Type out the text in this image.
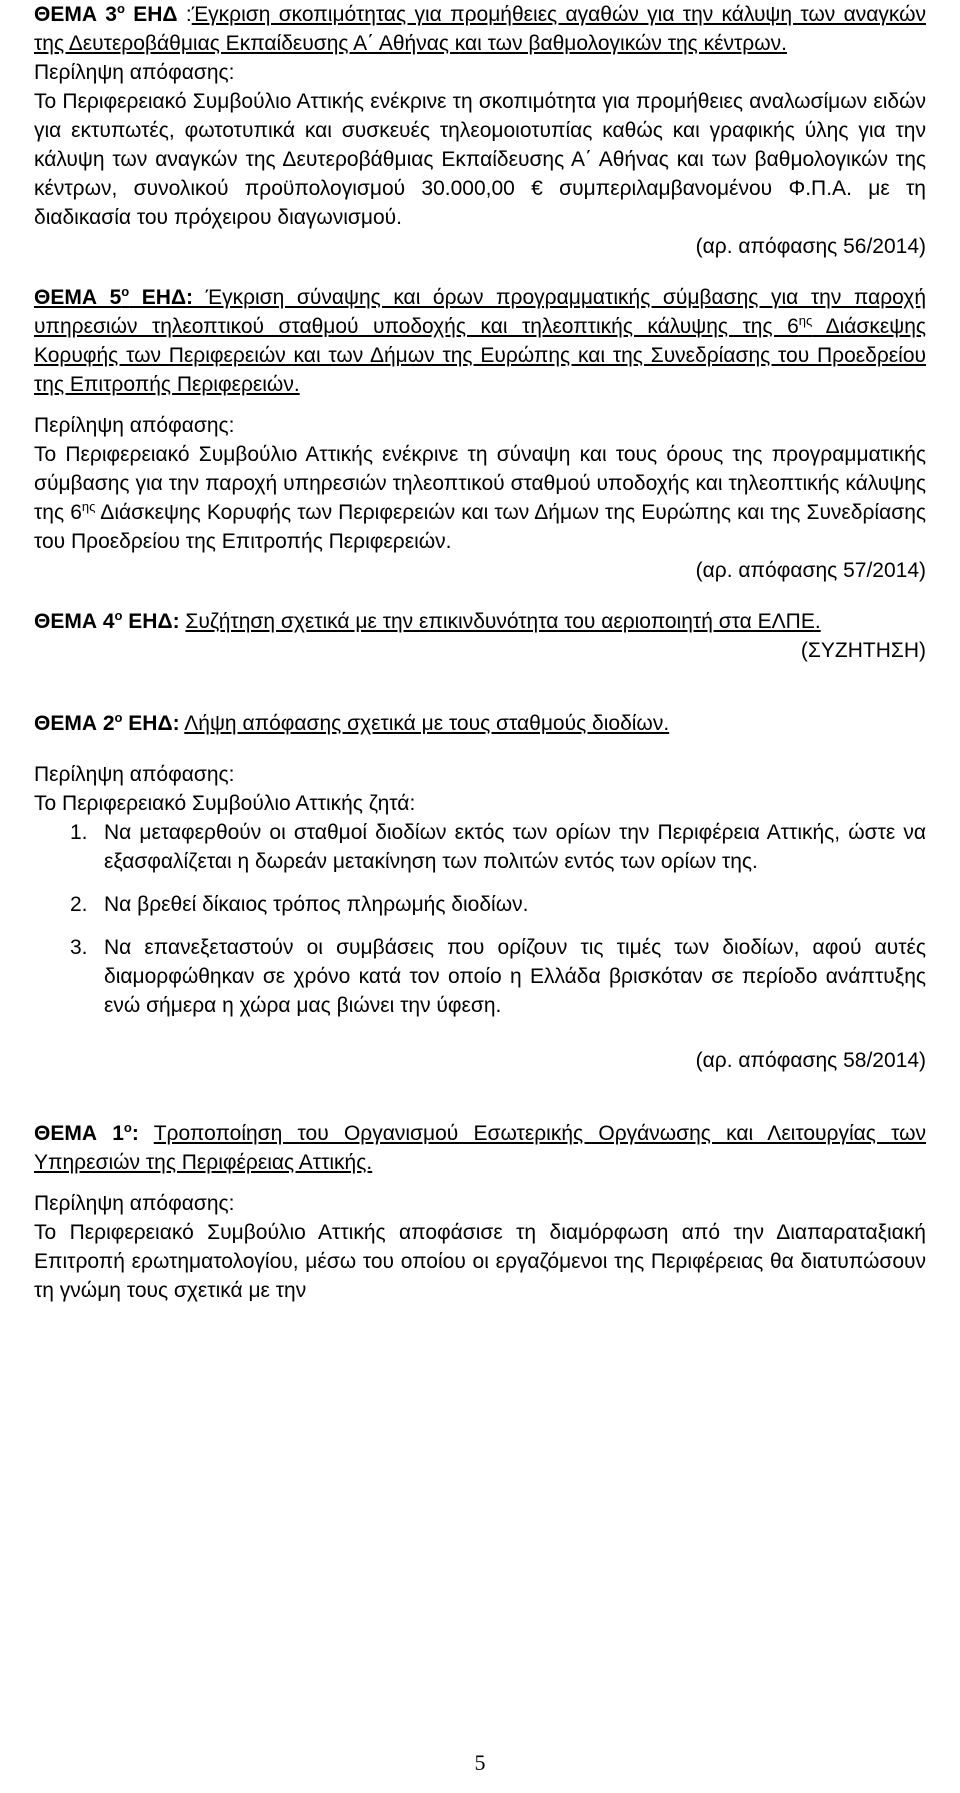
ΘΕΜΑ $3^o$ ΕΗΔ :Έγκριση σκοπιμότητας για προμήθειες αγαθών για την κάλυψη των αναγκών της Δευτεροβάθμιας Εκπαίδευσης Α΄ Αθήνας και των βαθμολογικών της κέντρων.

Περίληψη απόφασης:

Το Περιφερειακό Συμβούλιο Αττικής ενέκρινε τη σκοπιμότητα για προμήθειες αναλωσίμων ειδών για εκτυπωτές, φωτοτυπικά και συσκευές τηλεομοιοτυπίας καθώς και γραφικής ύλης για την κάλυψη των αναγκών της Δευτεροβάθμιας Εκπαίδευσης Α΄ Αθήνας και των βαθμολογικών της κέντρων, συνολικού προϋπολογισμού 30.000,00 € συμπεριλαμβανομένου Φ.Π.Α. με τη διαδικασία του πρόχειρου διαγωνισμού.

(αρ. απόφασης 56/2014)

ΘΕΜΑ $5^o$ ΕΗΔ: Έγκριση σύναψης και όρων προγραμματικής σύμβασης για την παροχή υπηρεσιών τηλεοπτικού σταθμού υποδοχής και τηλεοπτικής κάλυψης της $6^{\eta\varsigma}$ Διάσκεψης Κορυφής των Περιφερειών και των Δήμων της Ευρώπης και της Συνεδρίασης του Προεδρείου της Επιτροπής Περιφερειών.

Περίληψη απόφασης:

Το Περιφερειακό Συμβούλιο Αττικής ενέκρινε τη σύναψη και τους όρους της προγραμματικής σύμβασης για την παροχή υπηρεσιών τηλεοπτικού σταθμού υποδοχής και τηλεοπτικής κάλυψης της $6^{\eta\varsigma}$ Διάσκεψης Κορυφής των Περιφερειών και των Δήμων της Ευρώπης και της Συνεδρίασης του Προεδρείου της Επιτροπής Περιφερειών.

(αρ. απόφασης 57/2014)

ΘΕΜΑ $4^o$ ΕΗΔ: Συζήτηση σχετικά με την επικινδυνότητα του αεριοποιητή στα ΕΛΠΕ.

(ΣΥΖΗΤΗΣΗ)

ΘΕΜΑ $2^o$ ΕΗΔ: Λήψη απόφασης σχετικά με τους σταθμούς διοδίων.

Περίληψη απόφασης:

Το Περιφερειακό Συμβούλιο Αττικής ζητά:

1. Να μεταφερθούν οι σταθμοί διοδίων εκτός των ορίων την Περιφέρεια Αττικής, ώστε να εξασφαλίζεται η δωρεάν μετακίνηση των πολιτών εντός των ορίων της.
2. Να βρεθεί δίκαιος τρόπος πληρωμής διοδίων.
3. Να επανεξεταστούν οι συμβάσεις που ορίζουν τις τιμές των διοδίων, αφού αυτές διαμορφώθηκαν σε χρόνο κατά τον οποίο η Ελλάδα βρισκόταν σε περίοδο ανάπτυξης ενώ σήμερα η χώρα μας βιώνει την ύφεση.

(αρ. απόφασης 58/2014)

ΘΕΜΑ $1^o$: Τροποποίηση του Οργανισμού Εσωτερικής Οργάνωσης και Λειτουργίας των Υπηρεσιών της Περιφέρειας Αττικής.

Περίληψη απόφασης:

Το Περιφερειακό Συμβούλιο Αττικής αποφάσισε τη διαμόρφωση από την Διαπαραταξιακή Επιτροπή ερωτηματολογίου, μέσω του οποίου οι εργαζόμενοι της Περιφέρειας θα διατυπώσουν τη γνώμη τους σχετικά με την

5
